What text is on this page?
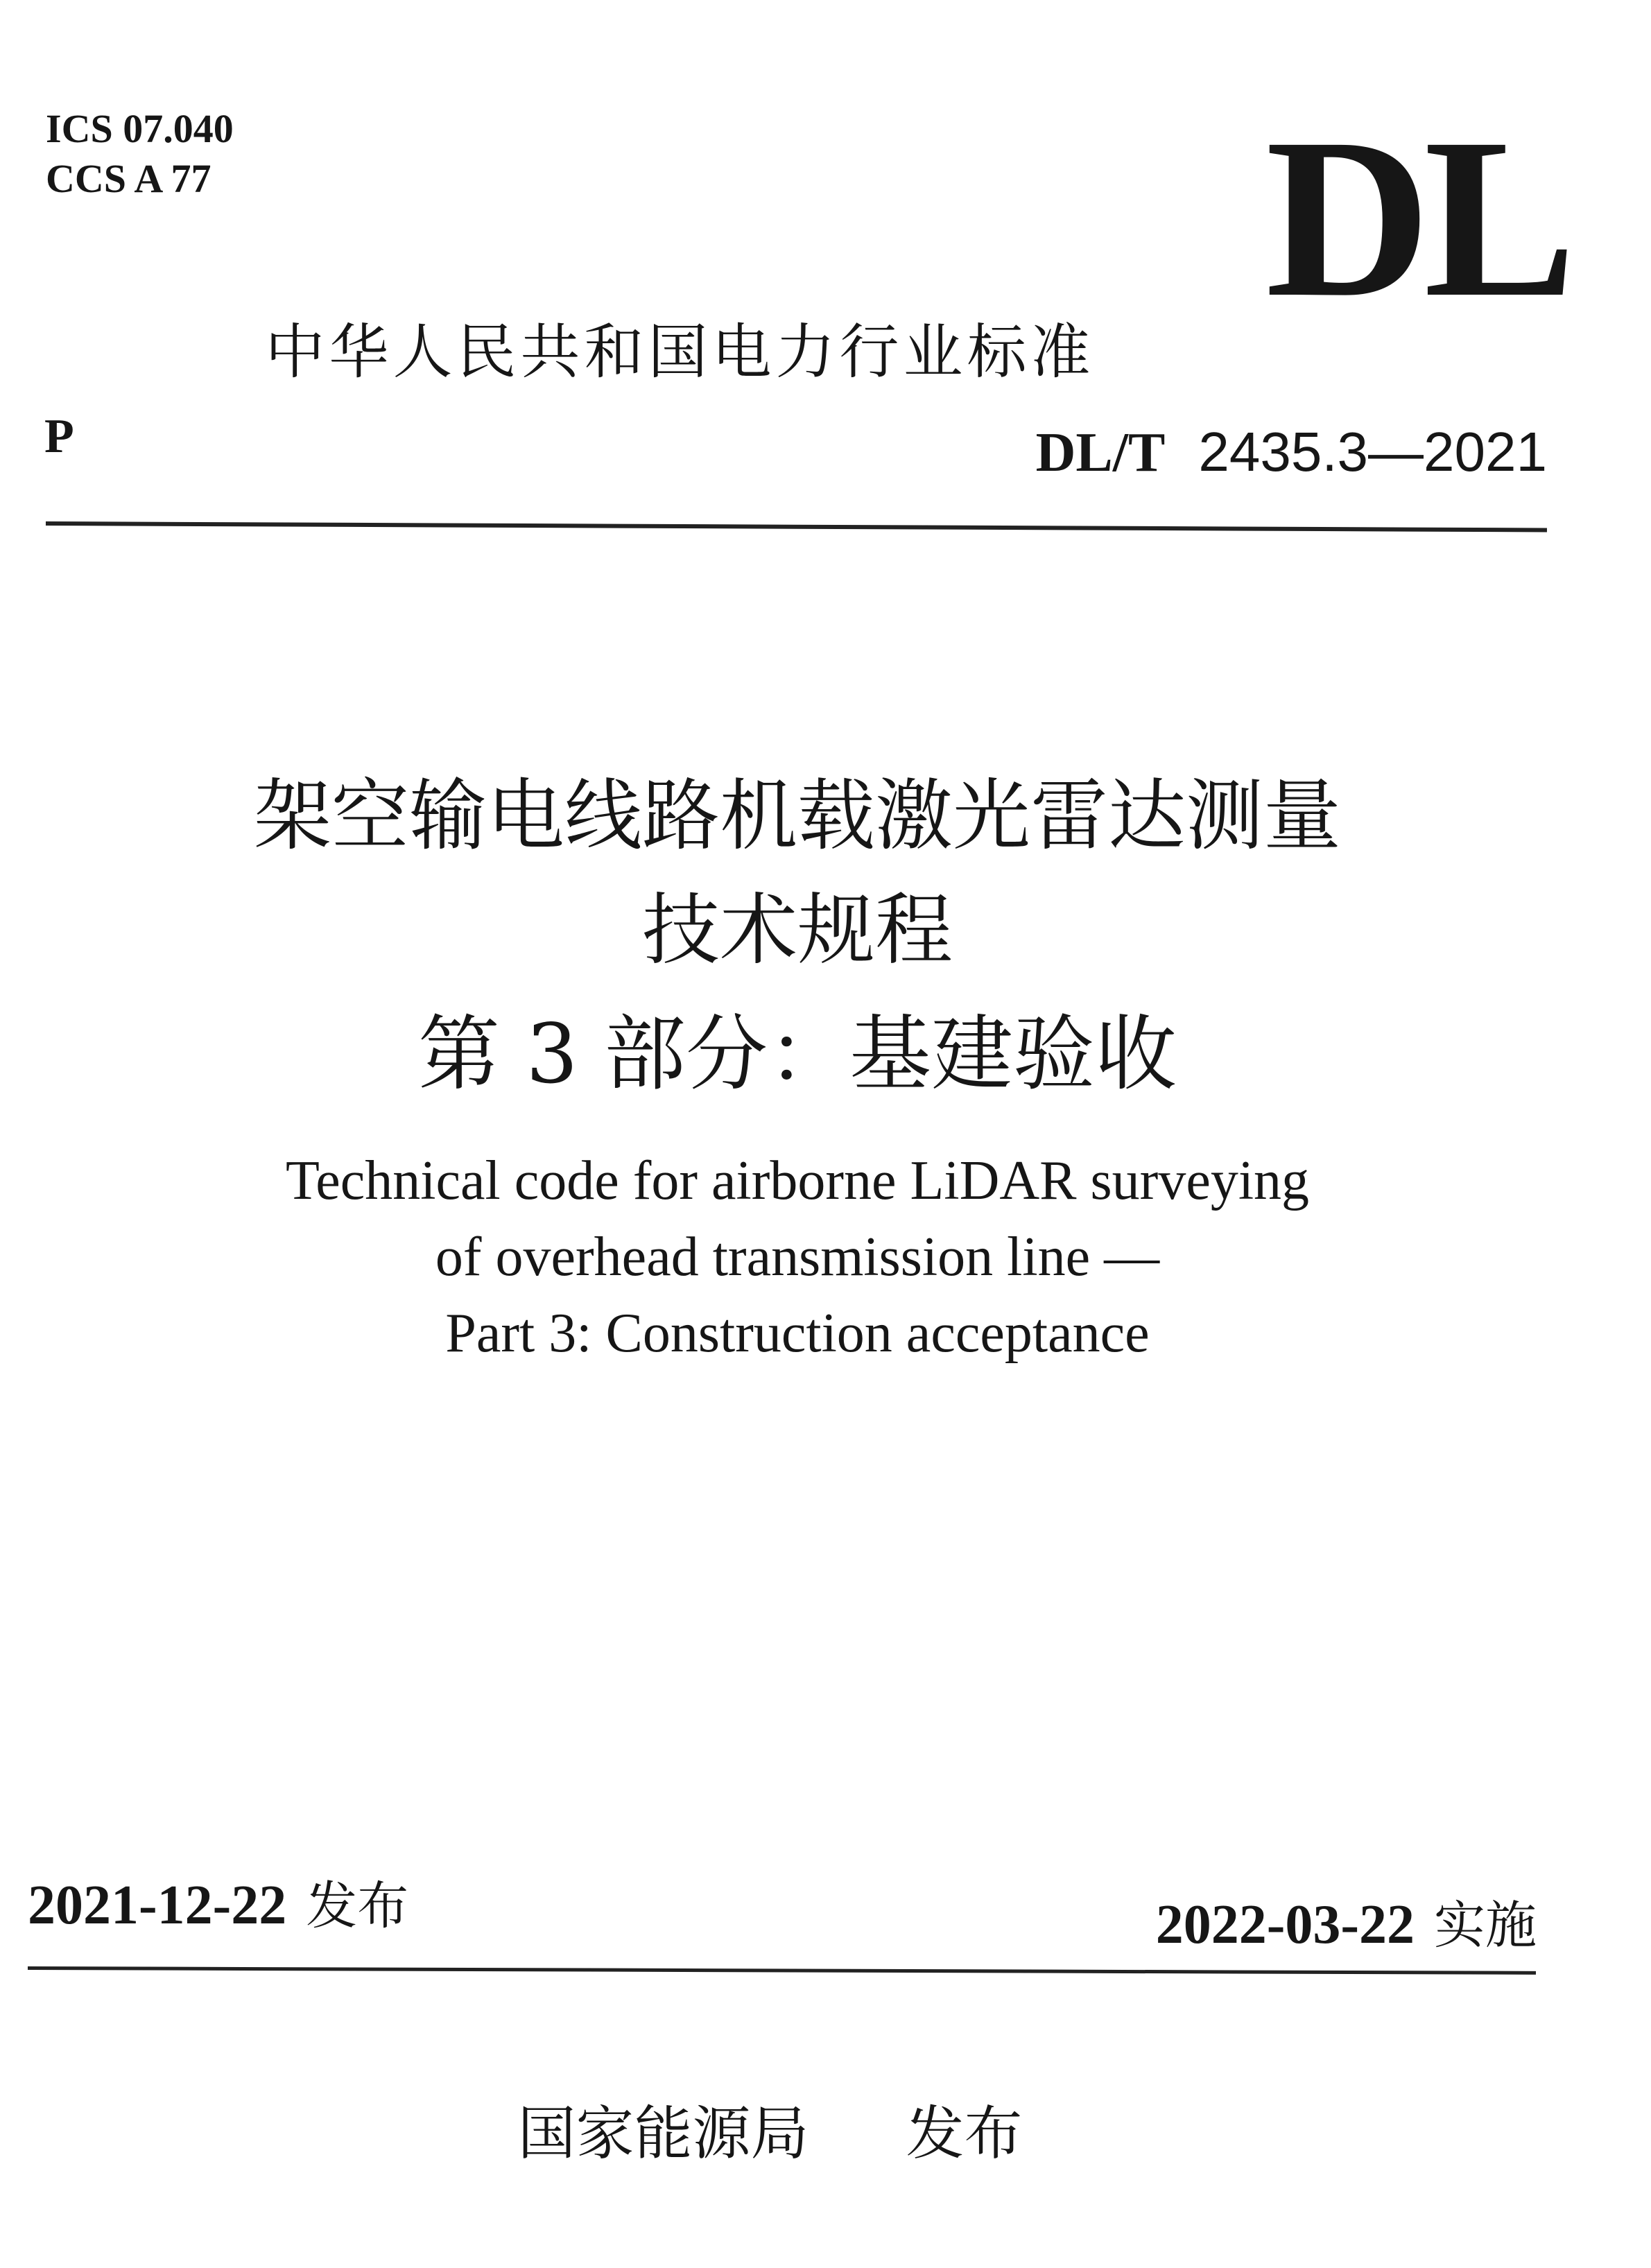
ICS 07.040
CCS A 77	DL
中华人民共和国电力行业标准
P	DL/T 2435.3—2021
架空输电线路机载激光雷达测量
技术规程
第 3 部分：基建验收
Technical code for airborne LiDAR surveying
of overhead transmission line —
Part 3: Construction acceptance
2021-12-22 发布	2022-03-22 实施
国家能源局 发布
